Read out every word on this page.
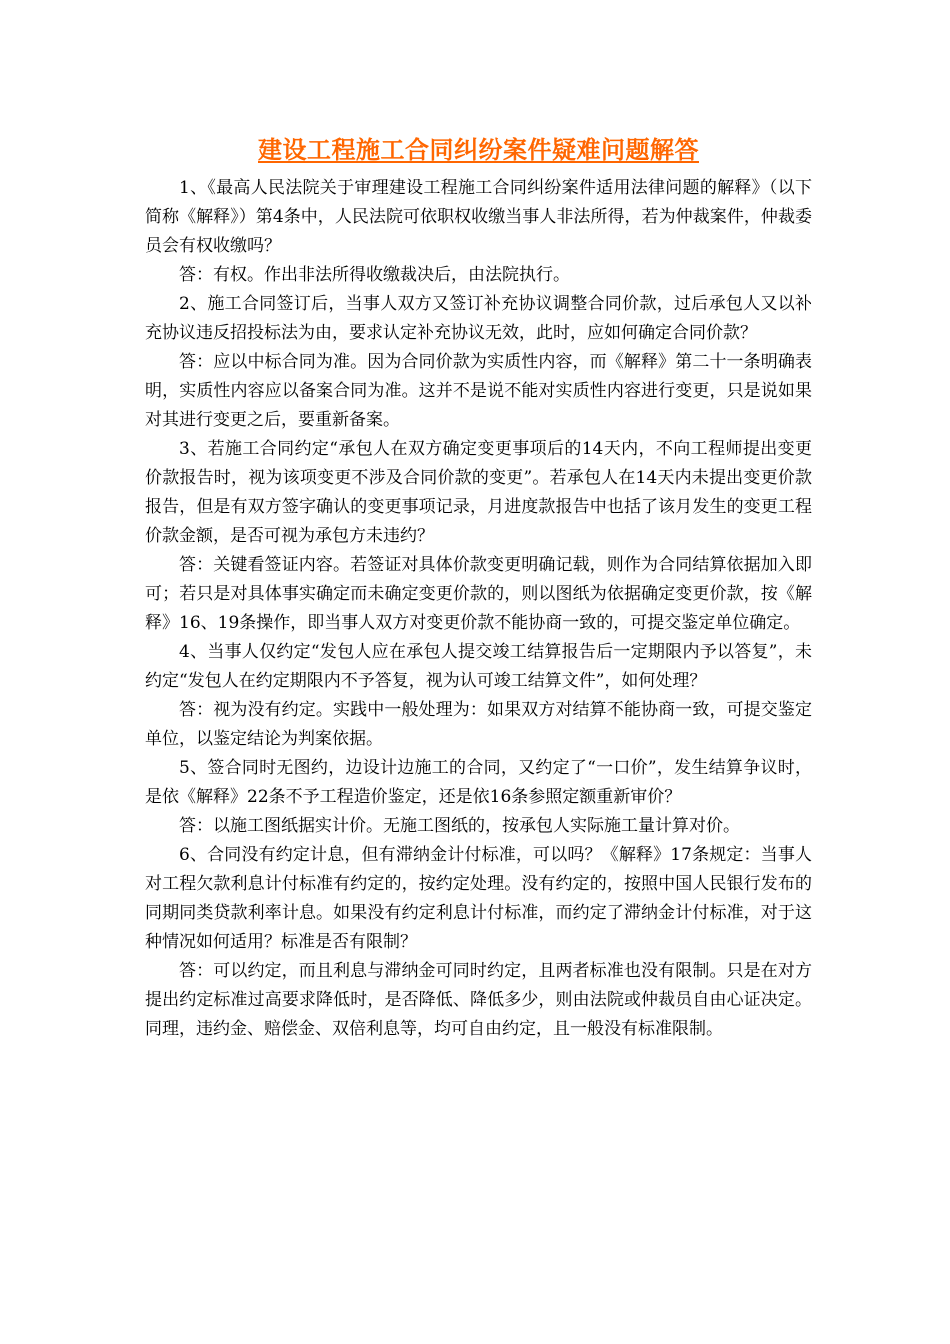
建设工程施工合同纠纷案件疑难问题解答

1、《最高人民法院关于审理建设工程施工合同纠纷案件适用法律问题的解释》（以下简称《解释》）第4条中，人民法院可依职权收缴当事人非法所得，若为仲裁案件，仲裁委员会有权收缴吗？

答：有权。作出非法所得收缴裁决后，由法院执行。

2、施工合同签订后，当事人双方又签订补充协议调整合同价款，过后承包人又以补充协议违反招投标法为由，要求认定补充协议无效，此时，应如何确定合同价款？

答：应以中标合同为准。因为合同价款为实质性内容，而《解释》第二十一条明确表明，实质性内容应以备案合同为准。这并不是说不能对实质性内容进行变更，只是说如果对其进行变更之后，要重新备案。

3、若施工合同约定“承包人在双方确定变更事项后的14天内，不向工程师提出变更价款报告时，视为该项变更不涉及合同价款的变更”。若承包人在14天内未提出变更价款报告，但是有双方签字确认的变更事项记录，月进度款报告中也括了该月发生的变更工程价款金额，是否可视为承包方未违约？

答：关键看签证内容。若签证对具体价款变更明确记载，则作为合同结算依据加入即可；若只是对具体事实确定而未确定变更价款的，则以图纸为依据确定变更价款，按《解释》16、19条操作，即当事人双方对变更价款不能协商一致的，可提交鉴定单位确定。

4、当事人仅约定“发包人应在承包人提交竣工结算报告后一定期限内予以答复”，未约定“发包人在约定期限内不予答复，视为认可竣工结算文件”，如何处理？

答：视为没有约定。实践中一般处理为：如果双方对结算不能协商一致，可提交鉴定单位，以鉴定结论为判案依据。

5、签合同时无图约，边设计边施工的合同，又约定了“一口价”，发生结算争议时，是依《解释》22条不予工程造价鉴定，还是依16条参照定额重新审价？

答：以施工图纸据实计价。无施工图纸的，按承包人实际施工量计算对价。

6、合同没有约定计息，但有滞纳金计付标准，可以吗？《解释》17条规定：当事人对工程欠款利息计付标准有约定的，按约定处理。没有约定的，按照中国人民银行发布的同期同类贷款利率计息。如果没有约定利息计付标准，而约定了滞纳金计付标准，对于这种情况如何适用？标准是否有限制？

答：可以约定，而且利息与滞纳金可同时约定，且两者标准也没有限制。只是在对方提出约定标准过高要求降低时，是否降低、降低多少，则由法院或仲裁员自由心证决定。同理，违约金、赔偿金、双倍利息等，均可自由约定，且一般没有标准限制。
